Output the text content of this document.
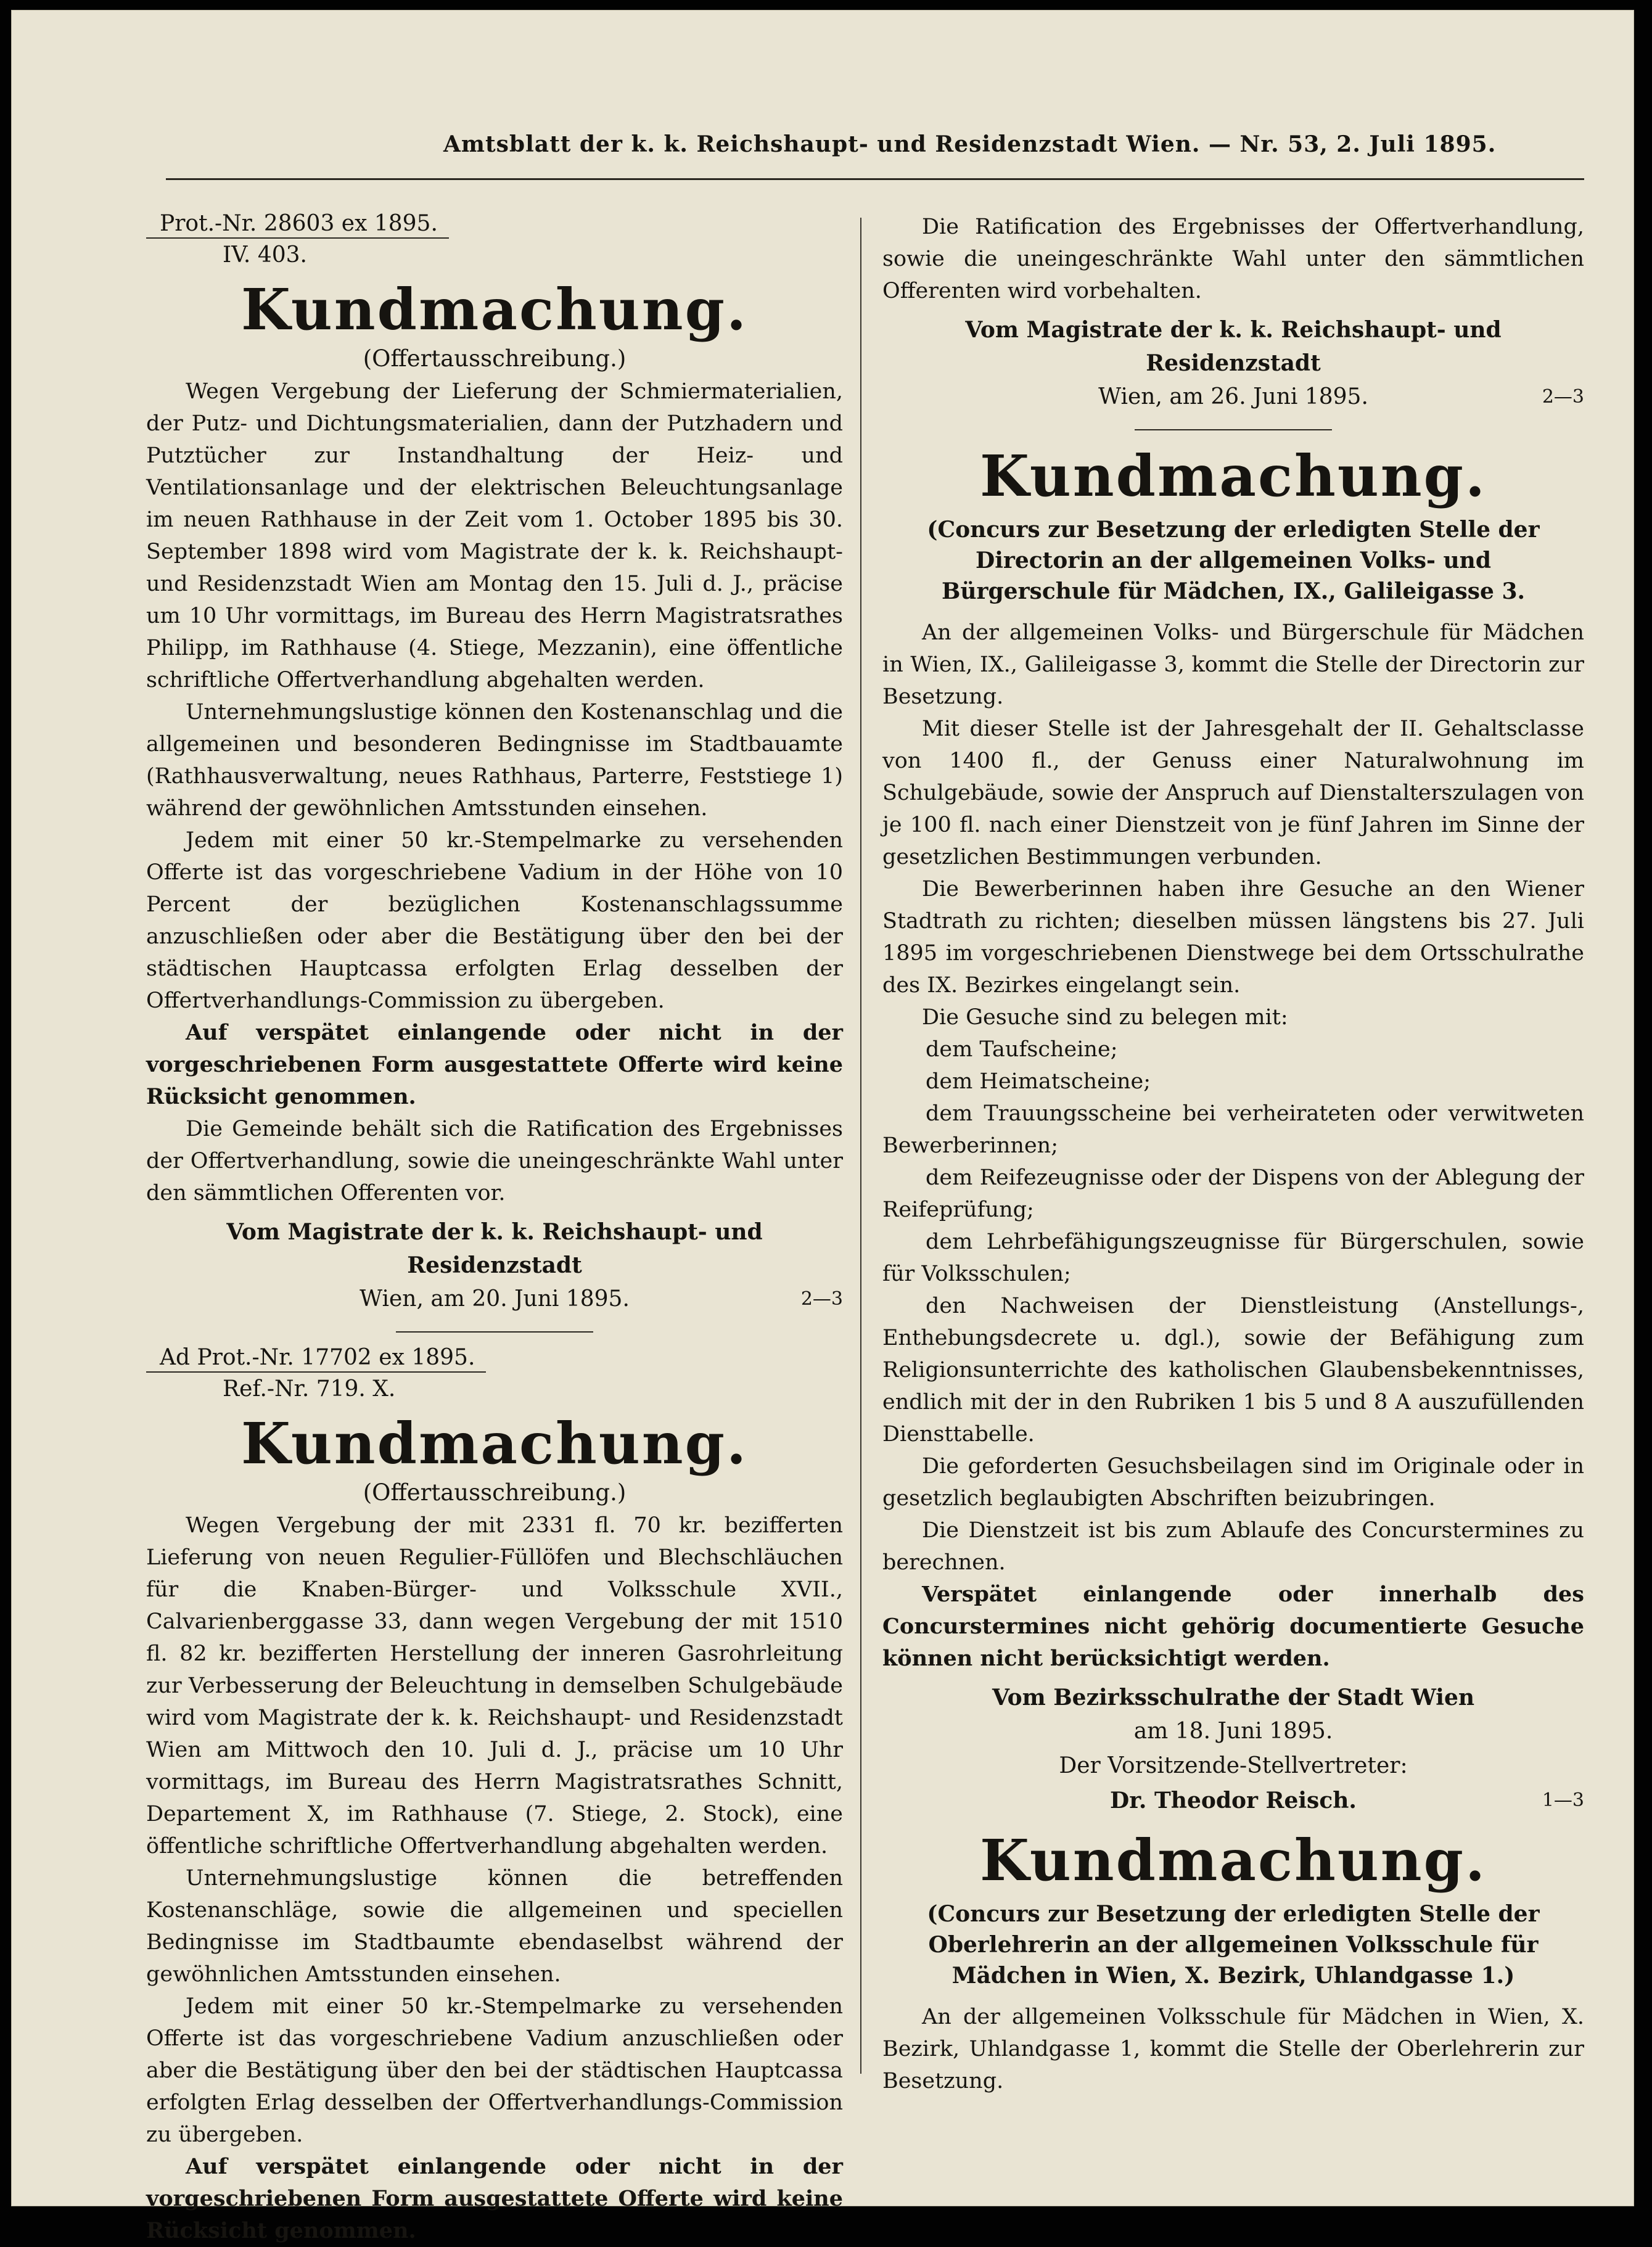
Amtsblatt der k. k. Reichshaupt- und Residenzstadt Wien. — Nr. 53, 2. Juli 1895.
Prot.-Nr. 28603 ex 1895.
IV. 403.
Kundmachung.
(Offertausschreibung.)

Wegen Vergebung der Lieferung der Schmiermaterialien, der Putz- und Dichtungsmaterialien, dann der Putzhadern und Putztücher zur Instandhaltung der Heiz- und Ventilationsanlage und der elektrischen Beleuchtungsanlage im neuen Rathhause in der Zeit vom 1. October 1895 bis 30. September 1898 wird vom Magistrate der k. k. Reichshaupt- und Residenzstadt Wien am Montag den 15. Juli d. J., präcise um 10 Uhr vormittags, im Bureau des Herrn Magistratsrathes Philipp, im Rathhause (4. Stiege, Mezzanin), eine öffentliche schriftliche Offertverhandlung abgehalten werden.

Unternehmungslustige können den Kostenanschlag und die allgemeinen und besonderen Bedingnisse im Stadtbauamte (Rathhausverwaltung, neues Rathhaus, Parterre, Feststiege 1) während der gewöhnlichen Amtsstunden einsehen.

Jedem mit einer 50 kr.-Stempelmarke zu versehenden Offerte ist das vorgeschriebene Vadium in der Höhe von 10 Percent der bezüglichen Kostenanschlagssumme anzuschließen oder aber die Bestätigung über den bei der städtischen Hauptcassa erfolgten Erlag desselben der Offertverhandlungs-Commission zu übergeben.

Auf verspätet einlangende oder nicht in der vorgeschriebenen Form ausgestattete Offerte wird keine Rücksicht genommen.

Die Gemeinde behält sich die Ratification des Ergebnisses der Offertverhandlung, sowie die uneingeschränkte Wahl unter den sämmtlichen Offerenten vor.

Vom Magistrate der k. k. Reichshaupt- und Residenzstadt
Wien, am 20. Juni 1895.	2—3
Ad Prot.-Nr. 17702 ex 1895.
Ref.-Nr. 719. X.
Kundmachung.
(Offertausschreibung.)

Wegen Vergebung der mit 2331 fl. 70 kr. bezifferten Lieferung von neuen Regulier-Füllöfen und Blechschläuchen für die Knaben-Bürger- und Volksschule XVII., Calvarienberggasse 33, dann wegen Vergebung der mit 1510 fl. 82 kr. bezifferten Herstellung der inneren Gasrohrleitung zur Verbesserung der Beleuchtung in demselben Schulgebäude wird vom Magistrate der k. k. Reichshaupt- und Residenzstadt Wien am Mittwoch den 10. Juli d. J., präcise um 10 Uhr vormittags, im Bureau des Herrn Magistratsrathes Schnitt, Departement X, im Rathhause (7. Stiege, 2. Stock), eine öffentliche schriftliche Offertverhandlung abgehalten werden.

Unternehmungslustige können die betreffenden Kostenanschläge, sowie die allgemeinen und speciellen Bedingnisse im Stadtbaumte ebendaselbst während der gewöhnlichen Amtsstunden einsehen.

Jedem mit einer 50 kr.-Stempelmarke zu versehenden Offerte ist das vorgeschriebene Vadium anzuschließen oder aber die Bestätigung über den bei der städtischen Hauptcassa erfolgten Erlag desselben der Offertverhandlungs-Commission zu übergeben.

Auf verspätet einlangende oder nicht in der vorgeschriebenen Form ausgestattete Offerte wird keine Rücksicht genommen.

Die Ratification des Ergebnisses der Offertverhandlung, sowie die uneingeschränkte Wahl unter den sämmtlichen Offerenten wird vorbehalten.

Vom Magistrate der k. k. Reichshaupt- und Residenzstadt
Wien, am 26. Juni 1895.	2—3
Kundmachung.
(Concurs zur Besetzung der erledigten Stelle der Directorin an der allgemeinen Volks- und Bürgerschule für Mädchen, IX., Galileigasse 3.

An der allgemeinen Volks- und Bürgerschule für Mädchen in Wien, IX., Galileigasse 3, kommt die Stelle der Directorin zur Besetzung.

Mit dieser Stelle ist der Jahresgehalt der II. Gehaltsclasse von 1400 fl., der Genuss einer Naturalwohnung im Schulgebäude, sowie der Anspruch auf Dienstalterszulagen von je 100 fl. nach einer Dienstzeit von je fünf Jahren im Sinne der gesetzlichen Bestimmungen verbunden.

Die Bewerberinnen haben ihre Gesuche an den Wiener Stadtrath zu richten; dieselben müssen längstens bis 27. Juli 1895 im vorgeschriebenen Dienstwege bei dem Ortsschulrathe des IX. Bezirkes eingelangt sein.

Die Gesuche sind zu belegen mit:

dem Taufscheine;

dem Heimatscheine;

dem Trauungsscheine bei verheirateten oder verwitweten Bewerberinnen;

dem Reifezeugnisse oder der Dispens von der Ablegung der Reifeprüfung;

dem Lehrbefähigungszeugnisse für Bürgerschulen, sowie für Volksschulen;

den Nachweisen der Dienstleistung (Anstellungs-, Enthebungsdecrete u. dgl.), sowie der Befähigung zum Religionsunterrichte des katholischen Glaubensbekenntnisses, endlich mit der in den Rubriken 1 bis 5 und 8 A auszufüllenden Diensttabelle.

Die geforderten Gesuchsbeilagen sind im Originale oder in gesetzlich beglaubigten Abschriften beizubringen.

Die Dienstzeit ist bis zum Ablaufe des Concurstermines zu berechnen.

Verspätet einlangende oder innerhalb des Concurstermines nicht gehörig documentierte Gesuche können nicht berücksichtigt werden.

Vom Bezirksschulrathe der Stadt Wien
am 18. Juni 1895.
Der Vorsitzende-Stellvertreter:
Dr. Theodor Reisch.	1—3
Kundmachung.
(Concurs zur Besetzung der erledigten Stelle der Oberlehrerin an der allgemeinen Volksschule für Mädchen in Wien, X. Bezirk, Uhlandgasse 1.)

An der allgemeinen Volksschule für Mädchen in Wien, X. Bezirk, Uhlandgasse 1, kommt die Stelle der Oberlehrerin zur Besetzung.
